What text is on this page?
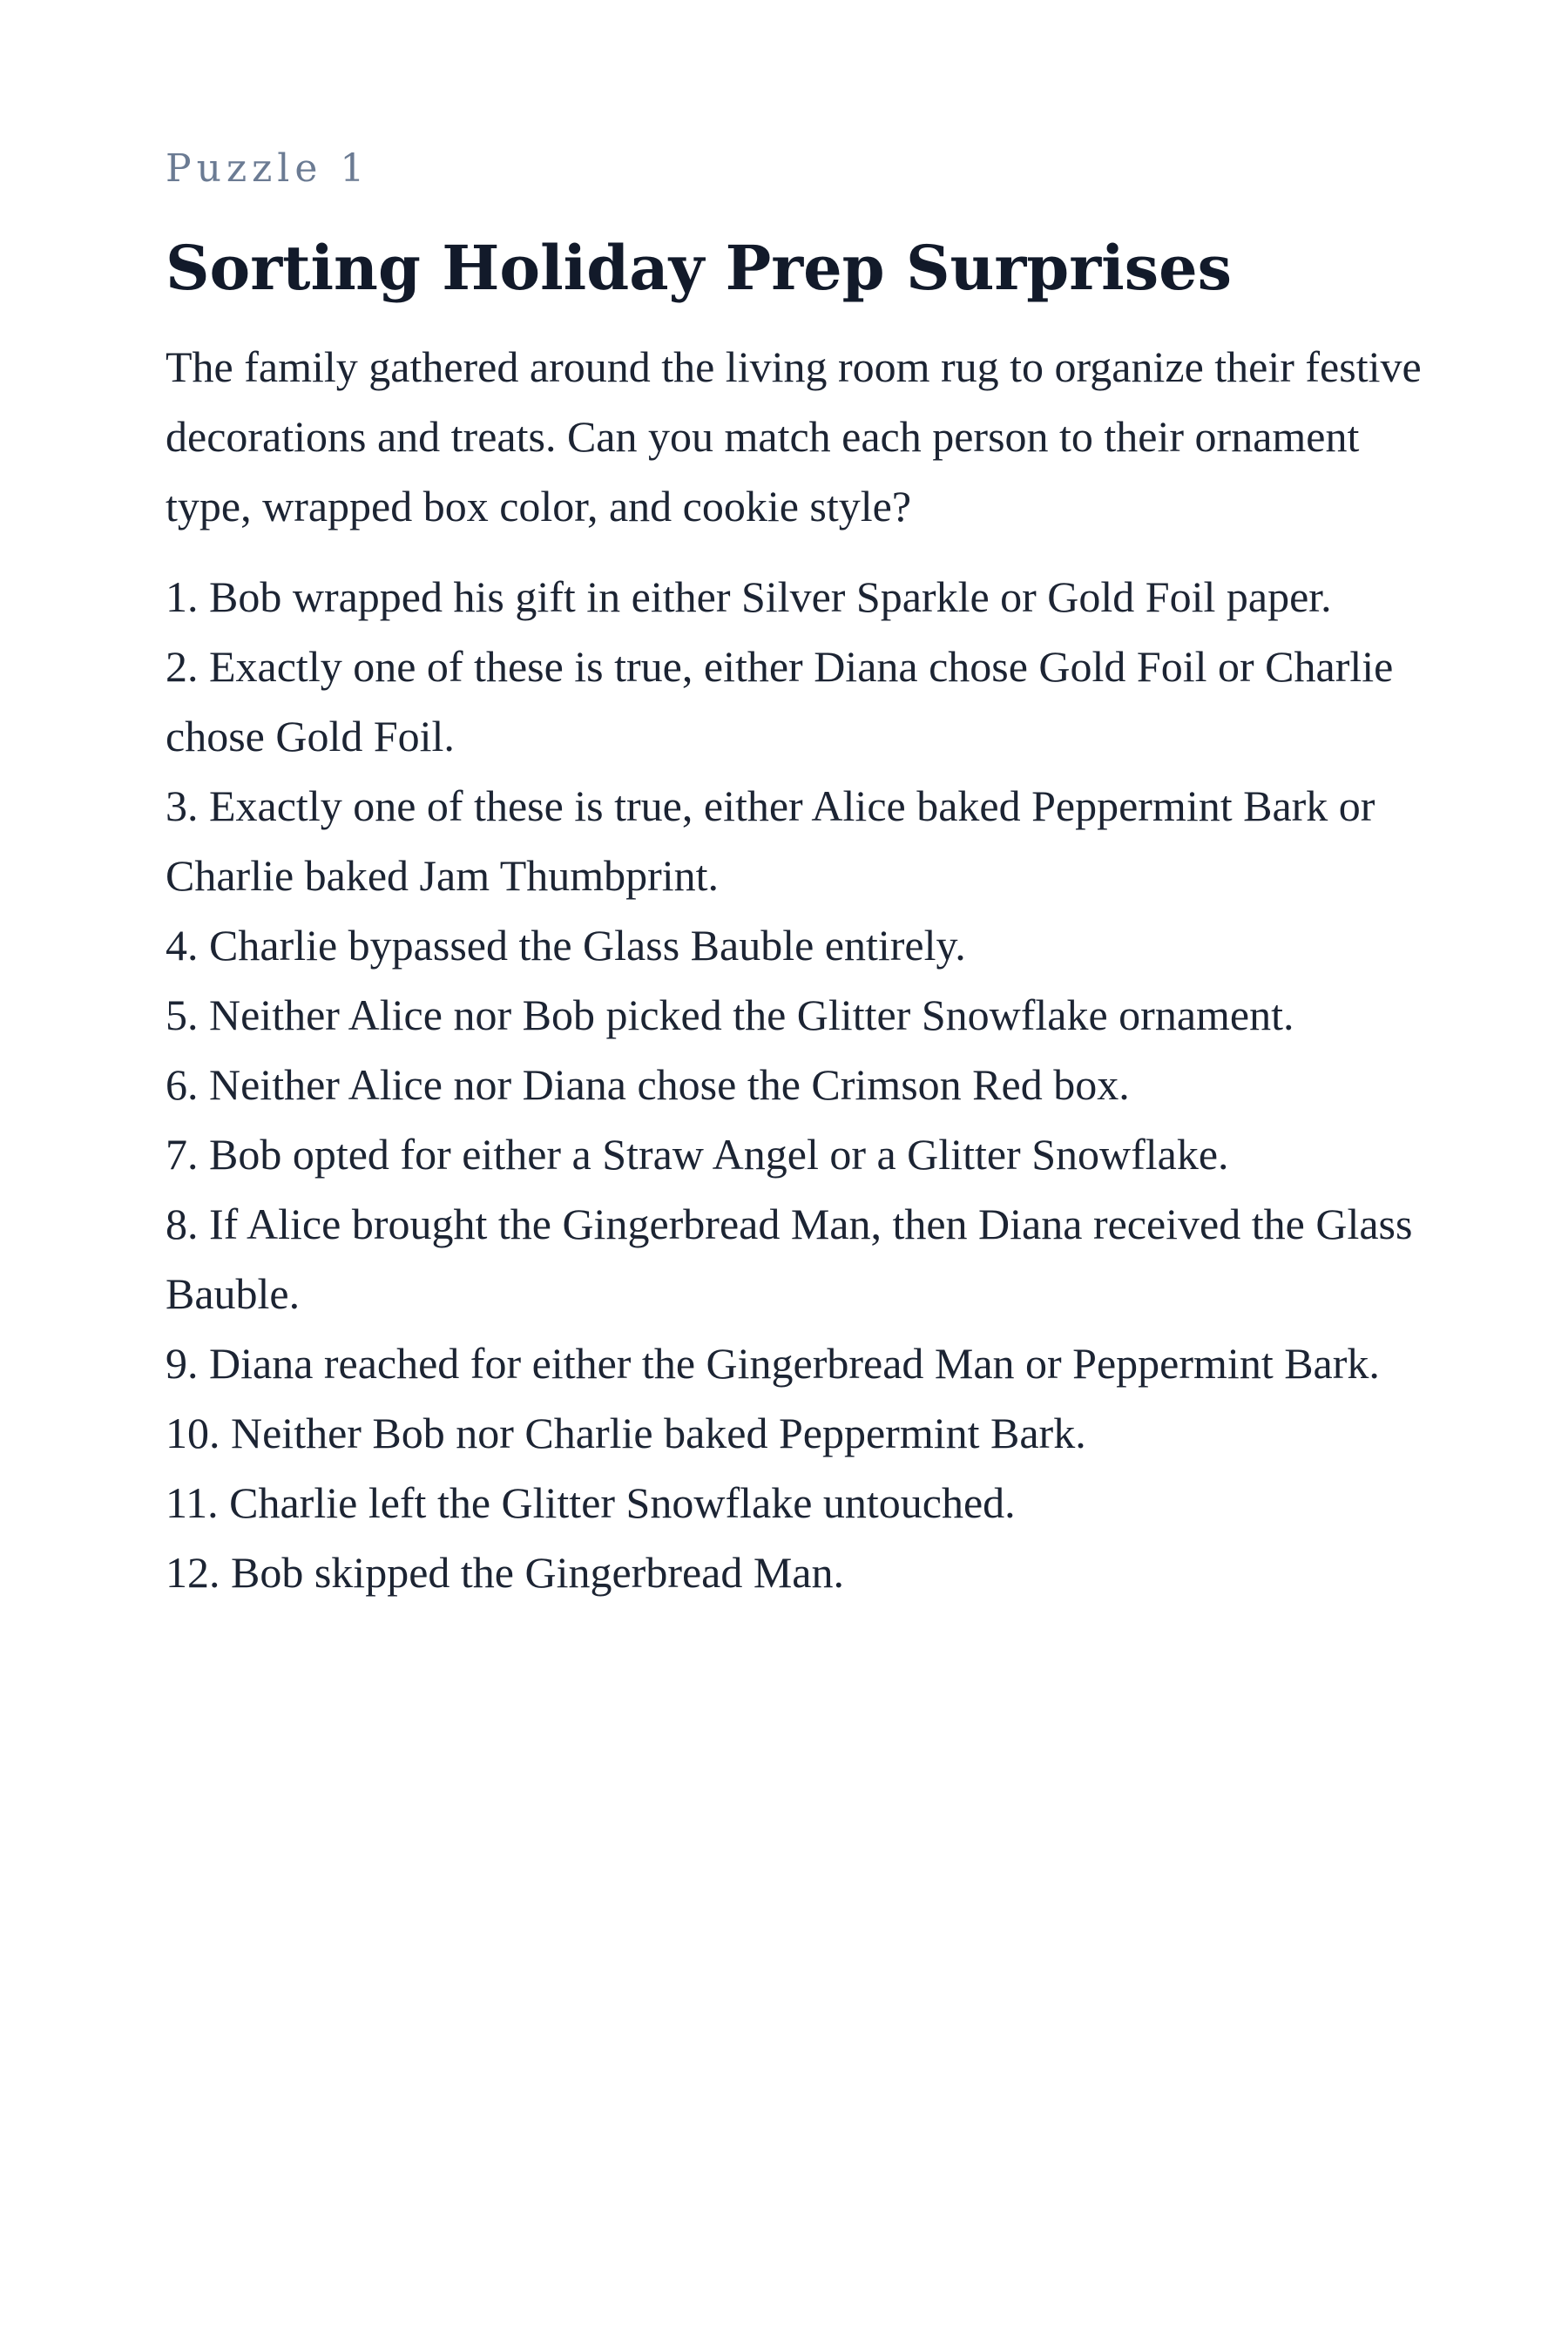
Puzzle 1
Sorting Holiday Prep Surprises

The family gathered around the living room rug to organize their festive decorations and treats. Can you match each person to their ornament type, wrapped box color, and cookie style?

1. Bob wrapped his gift in either Silver Sparkle or Gold Foil paper.
2. Exactly one of these is true, either Diana chose Gold Foil or Charlie chose Gold Foil.
3. Exactly one of these is true, either Alice baked Peppermint Bark or Charlie baked Jam Thumbprint.
4. Charlie bypassed the Glass Bauble entirely.
5. Neither Alice nor Bob picked the Glitter Snowflake ornament.
6. Neither Alice nor Diana chose the Crimson Red box.
7. Bob opted for either a Straw Angel or a Glitter Snowflake.
8. If Alice brought the Gingerbread Man, then Diana received the Glass Bauble.
9. Diana reached for either the Gingerbread Man or Peppermint Bark.
10. Neither Bob nor Charlie baked Peppermint Bark.
11. Charlie left the Glitter Snowflake untouched.
12. Bob skipped the Gingerbread Man.
